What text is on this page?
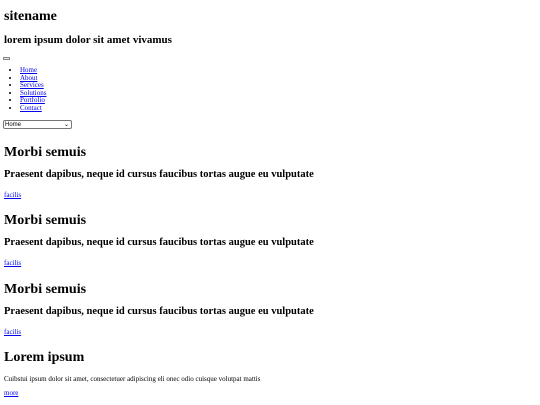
sitename
lorem ipsum dolor sit amet vivamus
• Home
• About
• Services
• Solutions
• Portfolio
• Contact
Home	⌄
Morbi semuis
Praesent dapibus, neque id cursus faucibus tortas augue eu vulputate
facilis
Morbi semuis
Praesent dapibus, neque id cursus faucibus tortas augue eu vulputate
facilis
Morbi semuis
Praesent dapibus, neque id cursus faucibus tortas augue eu vulputate
facilis
Lorem ipsum

Cuibstui ipsum dolor sit amet, consectetuer adipiscing eli onec odio cuisque volutpat mattis

more
